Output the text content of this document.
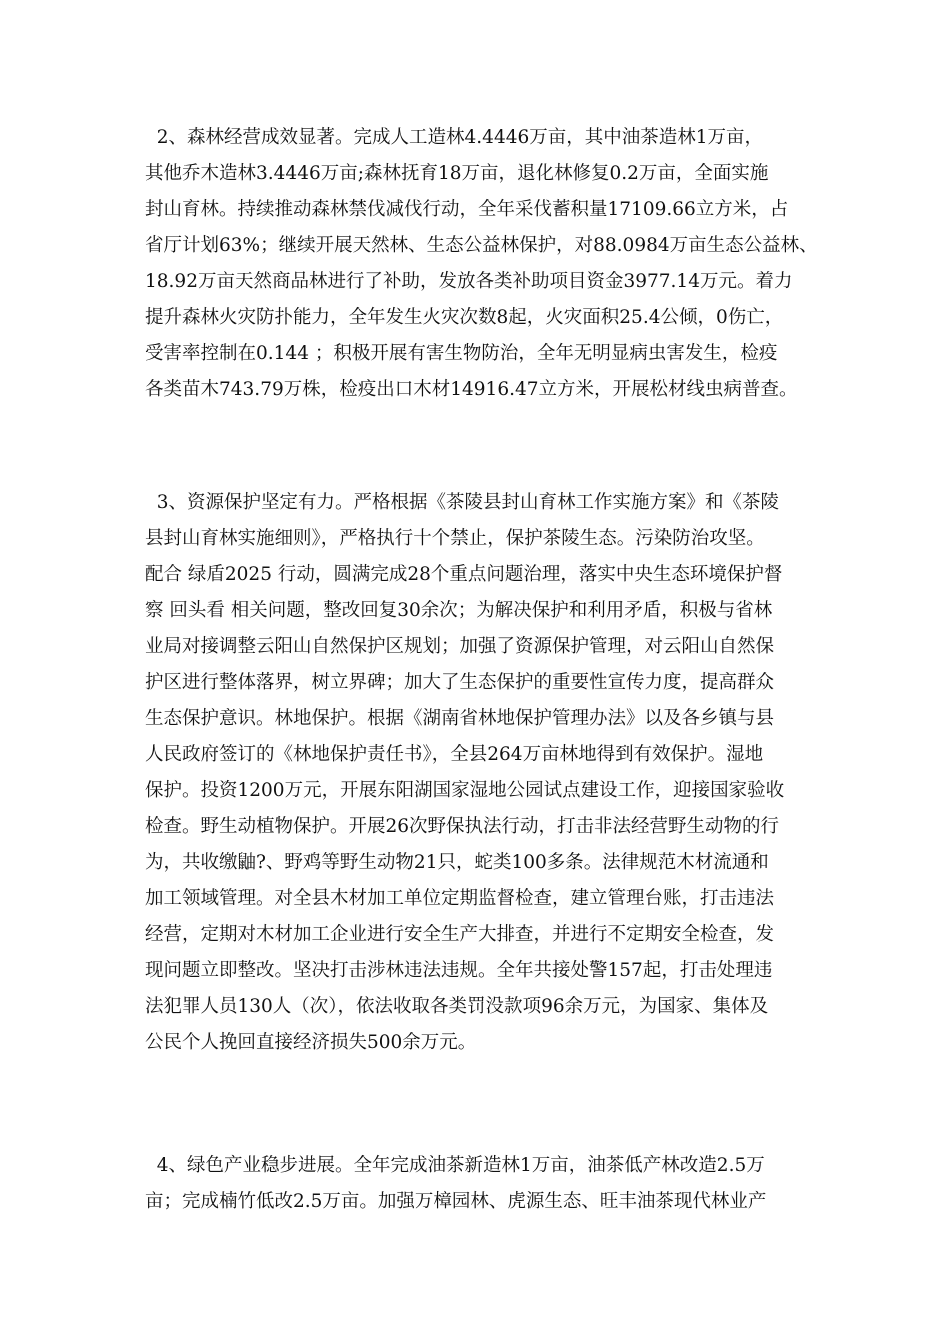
2、森林经营成效显著。完成人工造林4.4446万亩，其中油茶造林1万亩，
其他乔木造林3.4446万亩;森林抚育18万亩，退化林修复0.2万亩，全面实施
封山育林。持续推动森林禁伐减伐行动，全年采伐蓄积量17109.66立方米，占
省厅计划63%；继续开展天然林、生态公益林保护，对88.0984万亩生态公益林、
18.92万亩天然商品林进行了补助，发放各类补助项目资金3977.14万元。着力
提升森林火灾防扑能力，全年发生火灾次数8起，火灾面积25.4公倾，0伤亡，
受害率控制在0.144 ；积极开展有害生物防治，全年无明显病虫害发生，检疫
各类苗木743.79万株，检疫出口木材14916.47立方米，开展松材线虫病普查。
3、资源保护坚定有力。严格根据《茶陵县封山育林工作实施方案》和《茶陵
县封山育林实施细则》，严格执行十个禁止，保护茶陵生态。污染防治攻坚。
配合 绿盾2025 行动，圆满完成28个重点问题治理，落实中央生态环境保护督
察 回头看 相关问题，整改回复30余次；为解决保护和利用矛盾，积极与省林
业局对接调整云阳山自然保护区规划；加强了资源保护管理，对云阳山自然保
护区进行整体落界，树立界碑；加大了生态保护的重要性宣传力度，提高群众
生态保护意识。林地保护。根据《湖南省林地保护管理办法》以及各乡镇与县
人民政府签订的《林地保护责任书》，全县264万亩林地得到有效保护。湿地
保护。投资1200万元，开展东阳湖国家湿地公园试点建设工作，迎接国家验收
检查。野生动植物保护。开展26次野保执法行动，打击非法经营野生动物的行
为，共收缴鼬?、野鸡等野生动物21只，蛇类100多条。法律规范木材流通和
加工领域管理。对全县木材加工单位定期监督检查，建立管理台账，打击违法
经营，定期对木材加工企业进行安全生产大排查，并进行不定期安全检查，发
现问题立即整改。坚决打击涉林违法违规。全年共接处警157起，打击处理违
法犯罪人员130人（次），依法收取各类罚没款项96余万元，为国家、集体及
公民个人挽回直接经济损失500余万元。
4、绿色产业稳步进展。全年完成油茶新造林1万亩，油茶低产林改造2.5万
亩；完成楠竹低改2.5万亩。加强万樟园林、虎源生态、旺丰油茶现代林业产
